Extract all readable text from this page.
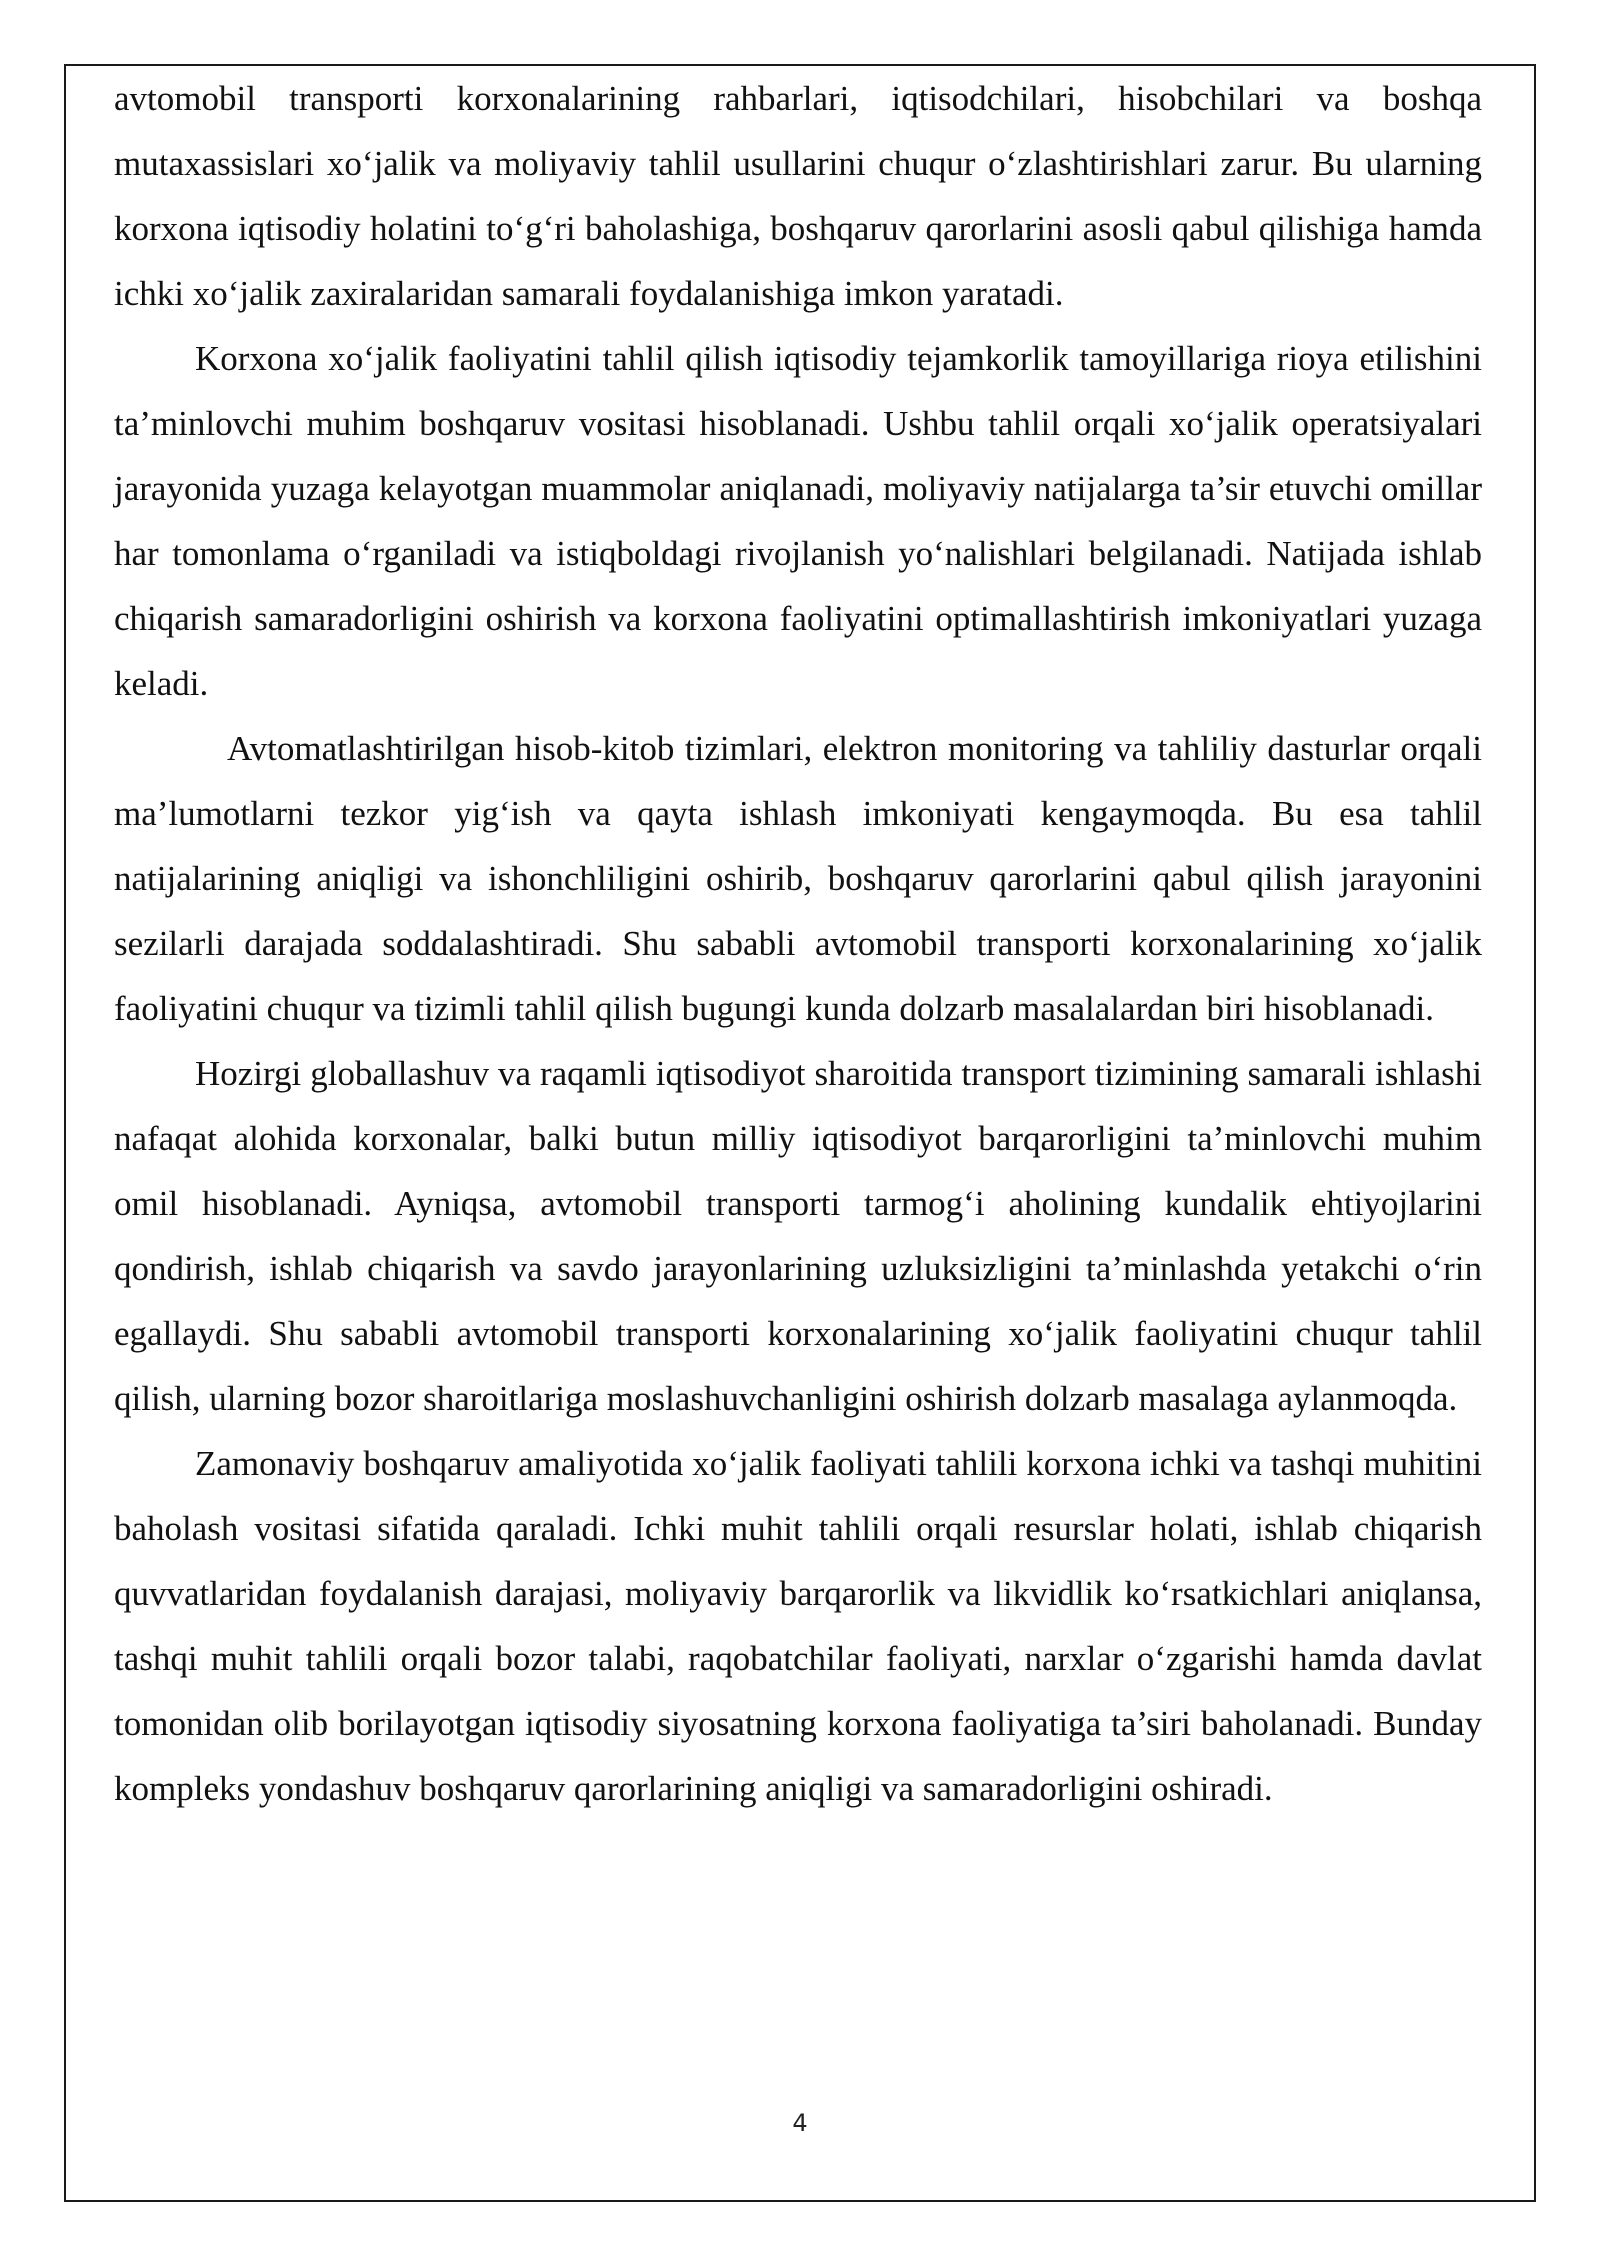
avtomobil transporti korxonalarining rahbarlari, iqtisodchilari, hisobchilari va boshqa mutaxassislari xo‘jalik va moliyaviy tahlil usullarini chuqur o‘zlashtirishlari zarur. Bu ularning korxona iqtisodiy holatini to‘g‘ri baholashiga, boshqaruv qarorlarini asosli qabul qilishiga hamda ichki xo‘jalik zaxiralaridan samarali foydalanishiga imkon yaratadi.

Korxona xo‘jalik faoliyatini tahlil qilish iqtisodiy tejamkorlik tamoyillariga rioya etilishini ta’minlovchi muhim boshqaruv vositasi hisoblanadi. Ushbu tahlil orqali xo‘jalik operatsiyalari jarayonida yuzaga kelayotgan muammolar aniqlanadi, moliyaviy natijalarga ta’sir etuvchi omillar har tomonlama o‘rganiladi va istiqboldagi rivojlanish yo‘nalishlari belgilanadi. Natijada ishlab chiqarish samaradorligini oshirish va korxona faoliyatini optimallashtirish imkoniyatlari yuzaga keladi.

Avtomatlashtirilgan hisob-kitob tizimlari, elektron monitoring va tahliliy dasturlar orqali ma’lumotlarni tezkor yig‘ish va qayta ishlash imkoniyati kengaymoqda. Bu esa tahlil natijalarining aniqligi va ishonchliligini oshirib, boshqaruv qarorlarini qabul qilish jarayonini sezilarli darajada soddalashtiradi. Shu sababli avtomobil transporti korxonalarining xo‘jalik faoliyatini chuqur va tizimli tahlil qilish bugungi kunda dolzarb masalalardan biri hisoblanadi.

Hozirgi globallashuv va raqamli iqtisodiyot sharoitida transport tizimining samarali ishlashi nafaqat alohida korxonalar, balki butun milliy iqtisodiyot barqarorligini ta’minlovchi muhim omil hisoblanadi. Ayniqsa, avtomobil transporti tarmog‘i aholining kundalik ehtiyojlarini qondirish, ishlab chiqarish va savdo jarayonlarining uzluksizligini ta’minlashda yetakchi o‘rin egallaydi. Shu sababli avtomobil transporti korxonalarining xo‘jalik faoliyatini chuqur tahlil qilish, ularning bozor sharoitlariga moslashuvchanligini oshirish dolzarb masalaga aylanmoqda.

Zamonaviy boshqaruv amaliyotida xo‘jalik faoliyati tahlili korxona ichki va tashqi muhitini baholash vositasi sifatida qaraladi. Ichki muhit tahlili orqali resurslar holati, ishlab chiqarish quvvatlaridan foydalanish darajasi, moliyaviy barqarorlik va likvidlik ko‘rsatkichlari aniqlansa, tashqi muhit tahlili orqali bozor talabi, raqobatchilar faoliyati, narxlar o‘zgarishi hamda davlat tomonidan olib borilayotgan iqtisodiy siyosatning korxona faoliyatiga ta’siri baholanadi. Bunday kompleks yondashuv boshqaruv qarorlarining aniqligi va samaradorligini oshiradi.

4
